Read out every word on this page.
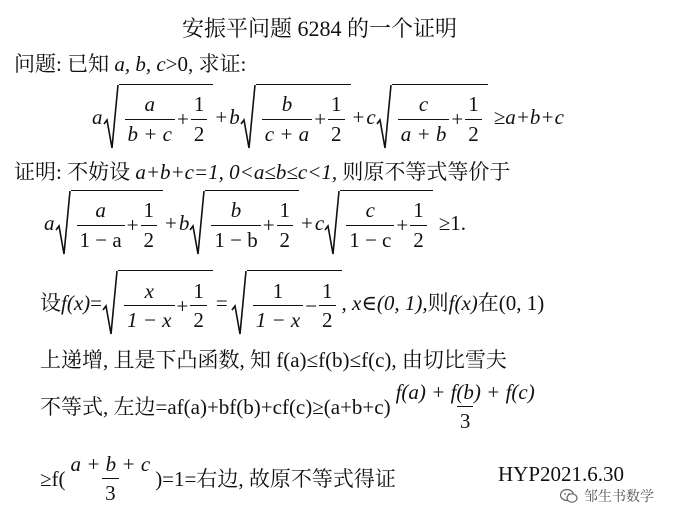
安振平问题 6284 的一个证明
问题: 已知 a, b, c>0, 求证:
a $\frac{a}{b + c} + \frac{1}{2} + b \frac{b}{c + a} + \frac{1}{2} + c \frac{c}{a + b} + \frac{1}{2} \ge a+b+c$
证明: 不妨设 a+b+c=1, 0<a≤b≤c<1, 则原不等式等价于
a $\frac{a}{1 - a} + \frac{1}{2} + b \frac{b}{1 - b} + \frac{1}{2} + c \frac{c}{1 - c} + \frac{1}{2} \ge 1$.
设 $f(x) = \frac{x}{1 - x} + \frac{1}{2} = \frac{1}{1 - x} - \frac{1}{2}$ , x∈(0, 1), 则 f(x) 在(0, 1)
上递增, 且是下凸函数, 知 f(a)≤f(b)≤f(c), 由切比雪夫
不等式, 左边$=af(a)+bf(b)+cf(c)\ge(a+b+c) \frac{f(a) + f(b) + f(c)}{3}$
$\ge f( \frac{a + b + c}{3} )=1=$右边, 故原不等式得证	HYP2021.6.30
邹生书数学
